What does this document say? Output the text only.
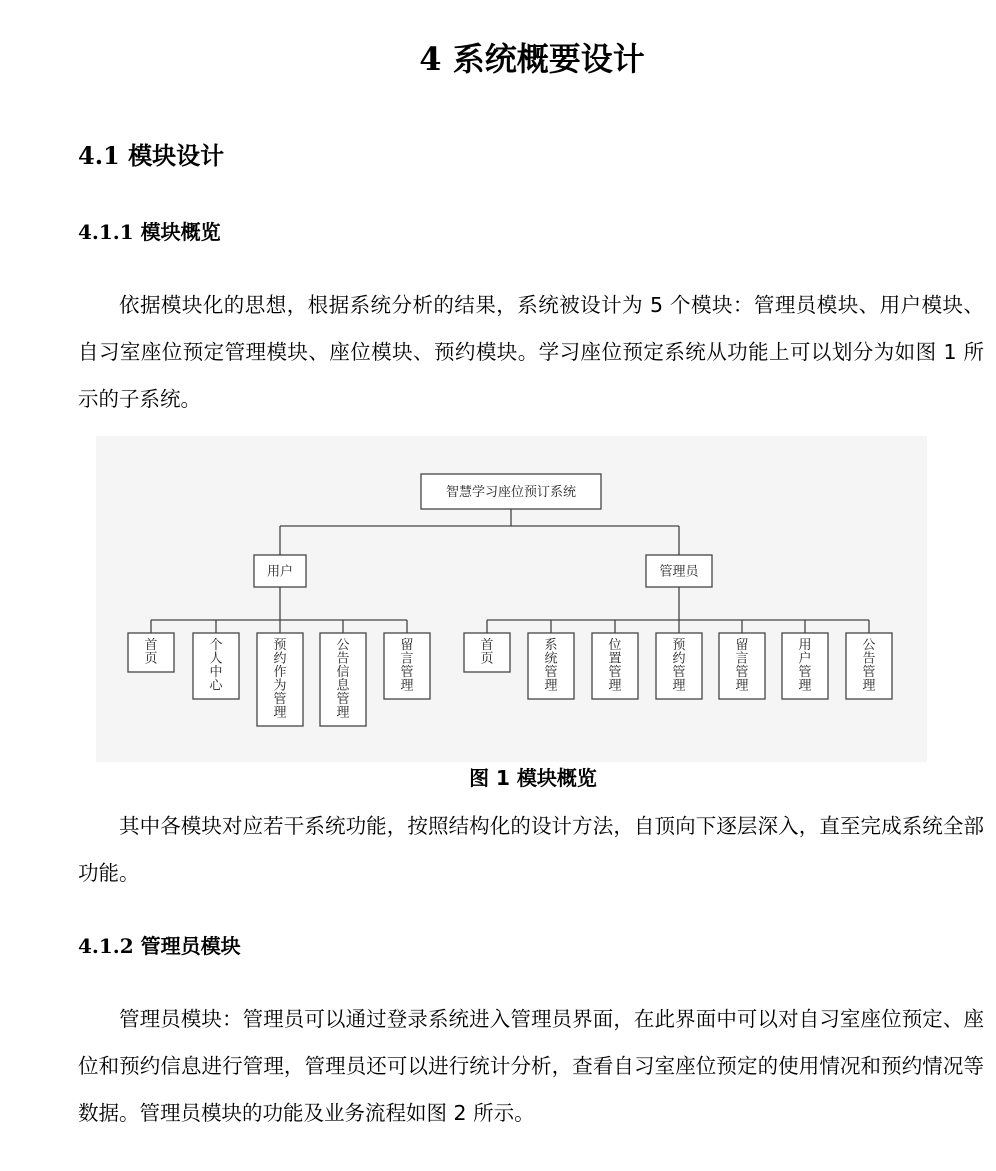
4 系统概要设计
4.1 模块设计
4.1.1 模块概览

依据模块化的思想，根据系统分析的结果，系统被设计为 5 个模块：管理员模块、用户模块、自习室座位预定管理模块、座位模块、预约模块。学习座位预定系统从功能上可以划分为如图 1 所示的子系统。

智慧学习座位预订系统
用户
首页
个人中心
预约作为管理
公告信息管理
留言管理
管理员
首页
系统管理
位置管理
预约管理
留言管理
用户管理
公告管理
图 1 模块概览

其中各模块对应若干系统功能，按照结构化的设计方法，自顶向下逐层深入，直至完成系统全部功能。

4.1.2 管理员模块

管理员模块：管理员可以通过登录系统进入管理员界面，在此界面中可以对自习室座位预定、座位和预约信息进行管理，管理员还可以进行统计分析，查看自习室座位预定的使用情况和预约情况等数据。管理员模块的功能及业务流程如图 2 所示。
